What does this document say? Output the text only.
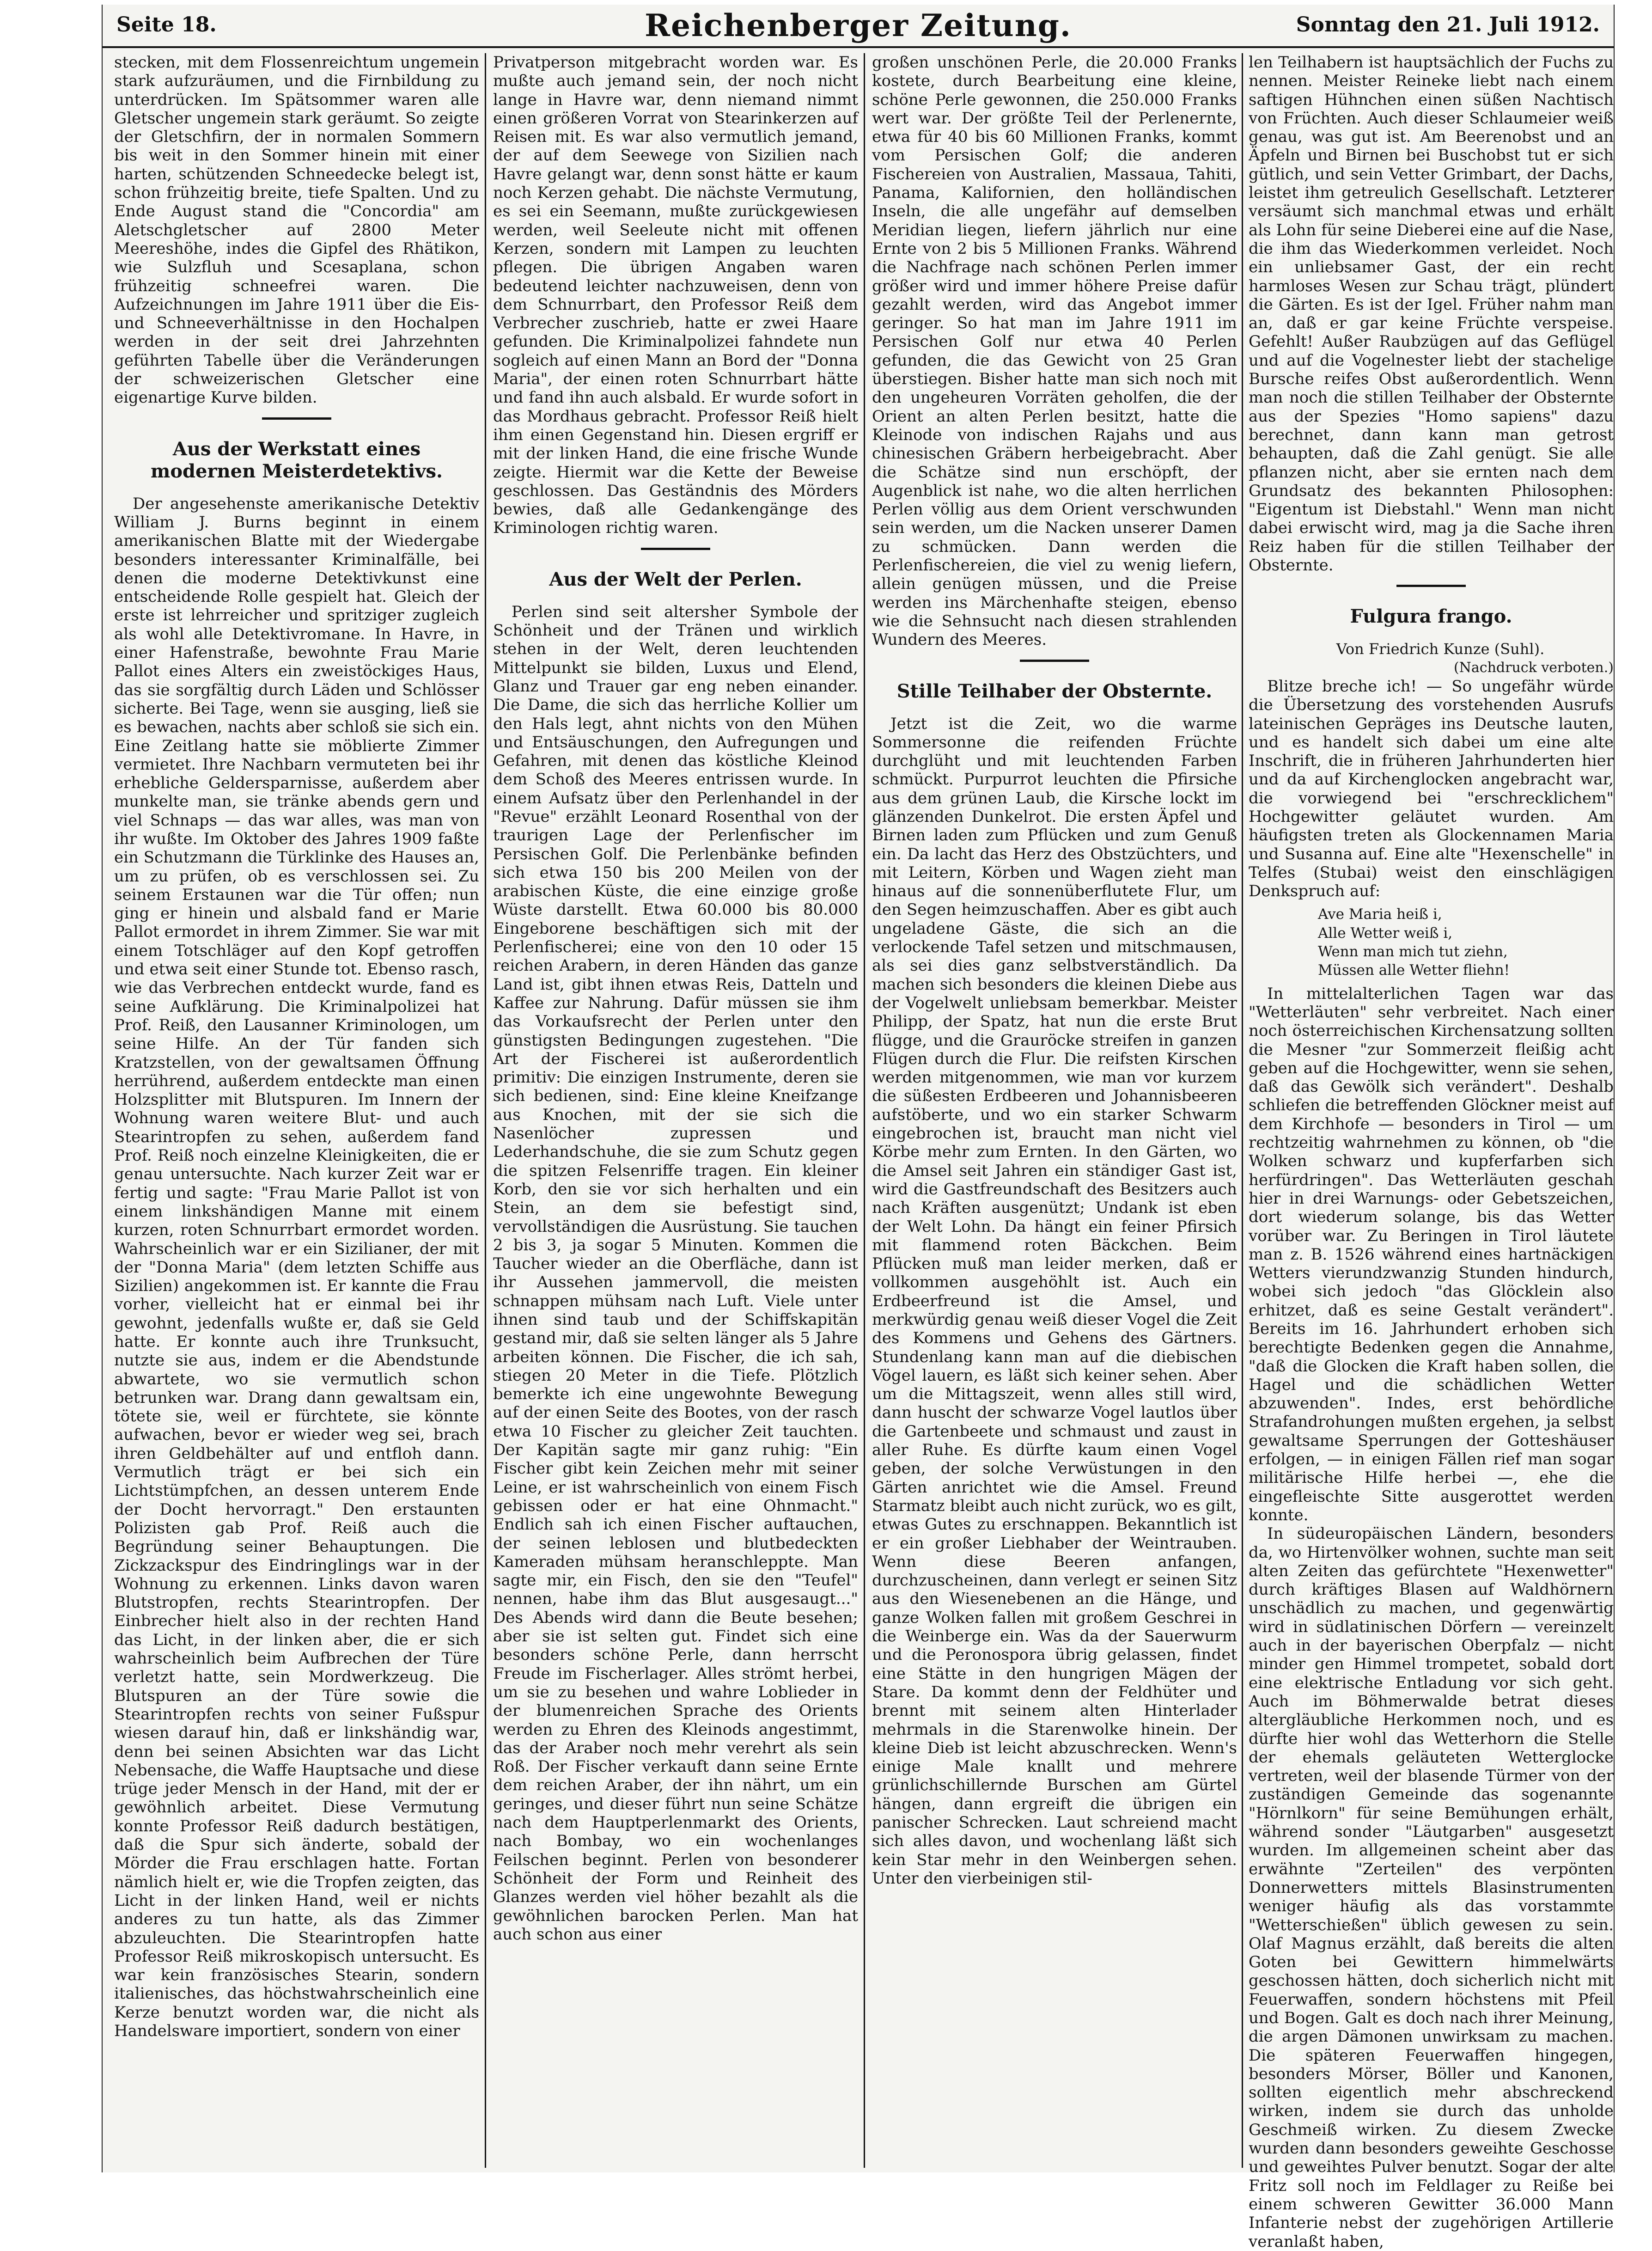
Seite 18.	Reichenberger Zeitung.	Sonntag den 21. Juli 1912.

stecken, mit dem Flossenreichtum ungemein stark aufzuräumen, und die Firnbildung zu unterdrücken. Im Spätsommer waren alle Gletscher ungemein stark geräumt. So zeigte der Gletschfirn, der in normalen Sommern bis weit in den Sommer hinein mit einer harten, schützenden Schneedecke belegt ist, schon frühzeitig breite, tiefe Spalten. Und zu Ende August stand die "Concordia" am Aletschgletscher auf 2800 Meter Meereshöhe, indes die Gipfel des Rhätikon, wie Sulzfluh und Scesaplana, schon frühzeitig schneefrei waren. Die Aufzeichnungen im Jahre 1911 über die Eis- und Schneeverhältnisse in den Hochalpen werden in der seit drei Jahrzehnten geführten Tabelle über die Veränderungen der schweizerischen Gletscher eine eigenartige Kurve bilden.

Aus der Werkstatt eines
modernen Meisterdetektivs.

Der angesehenste amerikanische Detektiv William J. Burns beginnt in einem amerikanischen Blatte mit der Wiedergabe besonders interessanter Kriminalfälle, bei denen die moderne Detektivkunst eine entscheidende Rolle gespielt hat. Gleich der erste ist lehrreicher und spritziger zugleich als wohl alle Detektivromane. In Havre, in einer Hafenstraße, bewohnte Frau Marie Pallot eines Alters ein zweistöckiges Haus, das sie sorgfältig durch Läden und Schlösser sicherte. Bei Tage, wenn sie ausging, ließ sie es bewachen, nachts aber schloß sie sich ein. Eine Zeitlang hatte sie möblierte Zimmer vermietet. Ihre Nachbarn vermuteten bei ihr erhebliche Geldersparnisse, außerdem aber munkelte man, sie tränke abends gern und viel Schnaps — das war alles, was man von ihr wußte. Im Oktober des Jahres 1909 faßte ein Schutzmann die Türklinke des Hauses an, um zu prüfen, ob es verschlossen sei. Zu seinem Erstaunen war die Tür offen; nun ging er hinein und alsbald fand er Marie Pallot ermordet in ihrem Zimmer. Sie war mit einem Totschläger auf den Kopf getroffen und etwa seit einer Stunde tot. Ebenso rasch, wie das Verbrechen entdeckt wurde, fand es seine Aufklärung. Die Kriminalpolizei hat Prof. Reiß, den Lausanner Kriminologen, um seine Hilfe. An der Tür fanden sich Kratzstellen, von der gewaltsamen Öffnung herrührend, außerdem entdeckte man einen Holzsplitter mit Blutspuren. Im Innern der Wohnung waren weitere Blut- und auch Stearintropfen zu sehen, außerdem fand Prof. Reiß noch einzelne Kleinigkeiten, die er genau untersuchte. Nach kurzer Zeit war er fertig und sagte: "Frau Marie Pallot ist von einem linkshändigen Manne mit einem kurzen, roten Schnurrbart ermordet worden. Wahrscheinlich war er ein Sizilianer, der mit der "Donna Maria" (dem letzten Schiffe aus Sizilien) angekommen ist. Er kannte die Frau vorher, vielleicht hat er einmal bei ihr gewohnt, jedenfalls wußte er, daß sie Geld hatte. Er konnte auch ihre Trunksucht, nutzte sie aus, indem er die Abendstunde abwartete, wo sie vermutlich schon betrunken war. Drang dann gewaltsam ein, tötete sie, weil er fürchtete, sie könnte aufwachen, bevor er wieder weg sei, brach ihren Geldbehälter auf und entfloh dann. Vermutlich trägt er bei sich ein Lichtstümpfchen, an dessen unterem Ende der Docht hervorragt." Den erstaunten Polizisten gab Prof. Reiß auch die Begründung seiner Behauptungen. Die Zickzackspur des Eindringlings war in der Wohnung zu erkennen. Links davon waren Blutstropfen, rechts Stearintropfen. Der Einbrecher hielt also in der rechten Hand das Licht, in der linken aber, die er sich wahrscheinlich beim Aufbrechen der Türe verletzt hatte, sein Mordwerkzeug. Die Blutspuren an der Türe sowie die Stearintropfen rechts von seiner Fußspur wiesen darauf hin, daß er linkshändig war, denn bei seinen Absichten war das Licht Nebensache, die Waffe Hauptsache und diese trüge jeder Mensch in der Hand, mit der er gewöhnlich arbeitet. Diese Vermutung konnte Professor Reiß dadurch bestätigen, daß die Spur sich änderte, sobald der Mörder die Frau erschlagen hatte. Fortan nämlich hielt er, wie die Tropfen zeigten, das Licht in der linken Hand, weil er nichts anderes zu tun hatte, als das Zimmer abzuleuchten. Die Stearintropfen hatte Professor Reiß mikroskopisch untersucht. Es war kein französisches Stearin, sondern italienisches, das höchstwahrscheinlich eine Kerze benutzt worden war, die nicht als Handelsware importiert, sondern von einer

Privatperson mitgebracht worden war. Es mußte auch jemand sein, der noch nicht lange in Havre war, denn niemand nimmt einen größeren Vorrat von Stearinkerzen auf Reisen mit. Es war also vermutlich jemand, der auf dem Seewege von Sizilien nach Havre gelangt war, denn sonst hätte er kaum noch Kerzen gehabt. Die nächste Vermutung, es sei ein Seemann, mußte zurückgewiesen werden, weil Seeleute nicht mit offenen Kerzen, sondern mit Lampen zu leuchten pflegen. Die übrigen Angaben waren bedeutend leichter nachzuweisen, denn von dem Schnurrbart, den Professor Reiß dem Verbrecher zuschrieb, hatte er zwei Haare gefunden. Die Kriminalpolizei fahndete nun sogleich auf einen Mann an Bord der "Donna Maria", der einen roten Schnurrbart hätte und fand ihn auch alsbald. Er wurde sofort in das Mordhaus gebracht. Professor Reiß hielt ihm einen Gegenstand hin. Diesen ergriff er mit der linken Hand, die eine frische Wunde zeigte. Hiermit war die Kette der Beweise geschlossen. Das Geständnis des Mörders bewies, daß alle Gedankengänge des Kriminologen richtig waren.

Aus der Welt der Perlen.

Perlen sind seit altersher Symbole der Schönheit und der Tränen und wirklich stehen in der Welt, deren leuchtenden Mittelpunkt sie bilden, Luxus und Elend, Glanz und Trauer gar eng neben einander. Die Dame, die sich das herrliche Kollier um den Hals legt, ahnt nichts von den Mühen und Entsäuschungen, den Aufregungen und Gefahren, mit denen das köstliche Kleinod dem Schoß des Meeres entrissen wurde. In einem Aufsatz über den Perlenhandel in der "Revue" erzählt Leonard Rosenthal von der traurigen Lage der Perlenfischer im Persischen Golf. Die Perlenbänke befinden sich etwa 150 bis 200 Meilen von der arabischen Küste, die eine einzige große Wüste darstellt. Etwa 60.000 bis 80.000 Eingeborene beschäftigen sich mit der Perlenfischerei; eine von den 10 oder 15 reichen Arabern, in deren Händen das ganze Land ist, gibt ihnen etwas Reis, Datteln und Kaffee zur Nahrung. Dafür müssen sie ihm das Vorkaufsrecht der Perlen unter den günstigsten Bedingungen zugestehen. "Die Art der Fischerei ist außerordentlich primitiv: Die einzigen Instrumente, deren sie sich bedienen, sind: Eine kleine Kneifzange aus Knochen, mit der sie sich die Nasenlöcher zupressen und Lederhandschuhe, die sie zum Schutz gegen die spitzen Felsenriffe tragen. Ein kleiner Korb, den sie vor sich herhalten und ein Stein, an dem sie befestigt sind, vervollständigen die Ausrüstung. Sie tauchen 2 bis 3, ja sogar 5 Minuten. Kommen die Taucher wieder an die Oberfläche, dann ist ihr Aussehen jammervoll, die meisten schnappen mühsam nach Luft. Viele unter ihnen sind taub und der Schiffskapitän gestand mir, daß sie selten länger als 5 Jahre arbeiten können. Die Fischer, die ich sah, stiegen 20 Meter in die Tiefe. Plötzlich bemerkte ich eine ungewohnte Bewegung auf der einen Seite des Bootes, von der rasch etwa 10 Fischer zu gleicher Zeit tauchten. Der Kapitän sagte mir ganz ruhig: "Ein Fischer gibt kein Zeichen mehr mit seiner Leine, er ist wahrscheinlich von einem Fisch gebissen oder er hat eine Ohnmacht." Endlich sah ich einen Fischer auftauchen, der seinen leblosen und blutbedeckten Kameraden mühsam heranschleppte. Man sagte mir, ein Fisch, den sie den "Teufel" nennen, habe ihm das Blut ausgesaugt..." Des Abends wird dann die Beute besehen; aber sie ist selten gut. Findet sich eine besonders schöne Perle, dann herrscht Freude im Fischerlager. Alles strömt herbei, um sie zu besehen und wahre Loblieder in der blumenreichen Sprache des Orients werden zu Ehren des Kleinods angestimmt, das der Araber noch mehr verehrt als sein Roß. Der Fischer verkauft dann seine Ernte dem reichen Araber, der ihn nährt, um ein geringes, und dieser führt nun seine Schätze nach dem Hauptperlenmarkt des Orients, nach Bombay, wo ein wochenlanges Feilschen beginnt. Perlen von besonderer Schönheit der Form und Reinheit des Glanzes werden viel höher bezahlt als die gewöhnlichen barocken Perlen. Man hat auch schon aus einer

großen unschönen Perle, die 20.000 Franks kostete, durch Bearbeitung eine kleine, schöne Perle gewonnen, die 250.000 Franks wert war. Der größte Teil der Perlenernte, etwa für 40 bis 60 Millionen Franks, kommt vom Persischen Golf; die anderen Fischereien von Australien, Massaua, Tahiti, Panama, Kalifornien, den holländischen Inseln, die alle ungefähr auf demselben Meridian liegen, liefern jährlich nur eine Ernte von 2 bis 5 Millionen Franks. Während die Nachfrage nach schönen Perlen immer größer wird und immer höhere Preise dafür gezahlt werden, wird das Angebot immer geringer. So hat man im Jahre 1911 im Persischen Golf nur etwa 40 Perlen gefunden, die das Gewicht von 25 Gran überstiegen. Bisher hatte man sich noch mit den ungeheuren Vorräten geholfen, die der Orient an alten Perlen besitzt, hatte die Kleinode von indischen Rajahs und aus chinesischen Gräbern herbeigebracht. Aber die Schätze sind nun erschöpft, der Augenblick ist nahe, wo die alten herrlichen Perlen völlig aus dem Orient verschwunden sein werden, um die Nacken unserer Damen zu schmücken. Dann werden die Perlenfischereien, die viel zu wenig liefern, allein genügen müssen, und die Preise werden ins Märchenhafte steigen, ebenso wie die Sehnsucht nach diesen strahlenden Wundern des Meeres.

Stille Teilhaber der Obsternte.

Jetzt ist die Zeit, wo die warme Sommersonne die reifenden Früchte durchglüht und mit leuchtenden Farben schmückt. Purpurrot leuchten die Pfirsiche aus dem grünen Laub, die Kirsche lockt im glänzenden Dunkelrot. Die ersten Äpfel und Birnen laden zum Pflücken und zum Genuß ein. Da lacht das Herz des Obstzüchters, und mit Leitern, Körben und Wagen zieht man hinaus auf die sonnenüberflutete Flur, um den Segen heimzuschaffen. Aber es gibt auch ungeladene Gäste, die sich an die verlockende Tafel setzen und mitschmausen, als sei dies ganz selbstverständlich. Da machen sich besonders die kleinen Diebe aus der Vogelwelt unliebsam bemerkbar. Meister Philipp, der Spatz, hat nun die erste Brut flügge, und die Grauröcke streifen in ganzen Flügen durch die Flur. Die reifsten Kirschen werden mitgenommen, wie man vor kurzem die süßesten Erdbeeren und Johannisbeeren aufstöberte, und wo ein starker Schwarm eingebrochen ist, braucht man nicht viel Körbe mehr zum Ernten. In den Gärten, wo die Amsel seit Jahren ein ständiger Gast ist, wird die Gastfreundschaft des Besitzers auch nach Kräften ausgenützt; Undank ist eben der Welt Lohn. Da hängt ein feiner Pfirsich mit flammend roten Bäckchen. Beim Pflücken muß man leider merken, daß er vollkommen ausgehöhlt ist. Auch ein Erdbeerfreund ist die Amsel, und merkwürdig genau weiß dieser Vogel die Zeit des Kommens und Gehens des Gärtners. Stundenlang kann man auf die diebischen Vögel lauern, es läßt sich keiner sehen. Aber um die Mittagszeit, wenn alles still wird, dann huscht der schwarze Vogel lautlos über die Gartenbeete und schmaust und zaust in aller Ruhe. Es dürfte kaum einen Vogel geben, der solche Verwüstungen in den Gärten anrichtet wie die Amsel. Freund Starmatz bleibt auch nicht zurück, wo es gilt, etwas Gutes zu erschnappen. Bekanntlich ist er ein großer Liebhaber der Weintrauben. Wenn diese Beeren anfangen, durchzuscheinen, dann verlegt er seinen Sitz aus den Wiesenebenen an die Hänge, und ganze Wolken fallen mit großem Geschrei in die Weinberge ein. Was da der Sauerwurm und die Peronospora übrig gelassen, findet eine Stätte in den hungrigen Mägen der Stare. Da kommt denn der Feldhüter und brennt mit seinem alten Hinterlader mehrmals in die Starenwolke hinein. Der kleine Dieb ist leicht abzuschrecken. Wenn's einige Male knallt und mehrere grünlichschillernde Burschen am Gürtel hängen, dann ergreift die übrigen ein panischer Schrecken. Laut schreiend macht sich alles davon, und wochenlang läßt sich kein Star mehr in den Weinbergen sehen. Unter den vierbeinigen stil-

len Teilhabern ist hauptsächlich der Fuchs zu nennen. Meister Reineke liebt nach einem saftigen Hühnchen einen süßen Nachtisch von Früchten. Auch dieser Schlaumeier weiß genau, was gut ist. Am Beerenobst und an Äpfeln und Birnen bei Buschobst tut er sich gütlich, und sein Vetter Grimbart, der Dachs, leistet ihm getreulich Gesellschaft. Letzterer versäumt sich manchmal etwas und erhält als Lohn für seine Dieberei eine auf die Nase, die ihm das Wiederkommen verleidet. Noch ein unliebsamer Gast, der ein recht harmloses Wesen zur Schau trägt, plündert die Gärten. Es ist der Igel. Früher nahm man an, daß er gar keine Früchte verspeise. Gefehlt! Außer Raubzügen auf das Geflügel und auf die Vogelnester liebt der stachelige Bursche reifes Obst außerordentlich. Wenn man noch die stillen Teilhaber der Obsternte aus der Spezies "Homo sapiens" dazu berechnet, dann kann man getrost behaupten, daß die Zahl genügt. Sie alle pflanzen nicht, aber sie ernten nach dem Grundsatz des bekannten Philosophen: "Eigentum ist Diebstahl." Wenn man nicht dabei erwischt wird, mag ja die Sache ihren Reiz haben für die stillen Teilhaber der Obsternte.

Fulgura frango.

Von Friedrich Kunze (Suhl).

(Nachdruck verboten.)

Blitze breche ich! — So ungefähr würde die Übersetzung des vorstehenden Ausrufs lateinischen Gepräges ins Deutsche lauten, und es handelt sich dabei um eine alte Inschrift, die in früheren Jahrhunderten hier und da auf Kirchenglocken angebracht war, die vorwiegend bei "erschrecklichem" Hochgewitter geläutet wurden. Am häufigsten treten als Glockennamen Maria und Susanna auf. Eine alte "Hexenschelle" in Telfes (Stubai) weist den einschlägigen Denkspruch auf:

Ave Maria heiß i,
Alle Wetter weiß i,
Wenn man mich tut ziehn,
Müssen alle Wetter fliehn!

In mittelalterlichen Tagen war das "Wetterläuten" sehr verbreitet. Nach einer noch österreichischen Kirchensatzung sollten die Mesner "zur Sommerzeit fleißig acht geben auf die Hochgewitter, wenn sie sehen, daß das Gewölk sich verändert". Deshalb schliefen die betreffenden Glöckner meist auf dem Kirchhofe — besonders in Tirol — um rechtzeitig wahrnehmen zu können, ob "die Wolken schwarz und kupferfarben sich herfürdringen". Das Wetterläuten geschah hier in drei Warnungs- oder Gebetszeichen, dort wiederum solange, bis das Wetter vorüber war. Zu Beringen in Tirol läutete man z. B. 1526 während eines hartnäckigen Wetters vierundzwanzig Stunden hindurch, wobei sich jedoch "das Glöcklein also erhitzet, daß es seine Gestalt verändert". Bereits im 16. Jahrhundert erhoben sich berechtigte Bedenken gegen die Annahme, "daß die Glocken die Kraft haben sollen, die Hagel und die schädlichen Wetter abzuwenden". Indes, erst behördliche Strafandrohungen mußten ergehen, ja selbst gewaltsame Sperrungen der Gotteshäuser erfolgen, — in einigen Fällen rief man sogar militärische Hilfe herbei —, ehe die eingefleischte Sitte ausgerottet werden konnte.

In südeuropäischen Ländern, besonders da, wo Hirtenvölker wohnen, suchte man seit alten Zeiten das gefürchtete "Hexenwetter" durch kräftiges Blasen auf Waldhörnern unschädlich zu machen, und gegenwärtig wird in südlatinischen Dörfern — vereinzelt auch in der bayerischen Oberpfalz — nicht minder gen Himmel trompetet, sobald dort eine elektrische Entladung vor sich geht. Auch im Böhmerwalde betrat dieses altergläubliche Herkommen noch, und es dürfte hier wohl das Wetterhorn die Stelle der ehemals geläuteten Wetterglocke vertreten, weil der blasende Türmer von der zuständigen Gemeinde das sogenannte "Hörnlkorn" für seine Bemühungen erhält, während sonder "Läutgarben" ausgesetzt wurden. Im allgemeinen scheint aber das erwähnte "Zerteilen" des verpönten Donnerwetters mittels Blasinstrumenten weniger häufig als das vorstammte "Wetterschießen" üblich gewesen zu sein. Olaf Magnus erzählt, daß bereits die alten Goten bei Gewittern himmelwärts geschossen hätten, doch sicherlich nicht mit Feuerwaffen, sondern höchstens mit Pfeil und Bogen. Galt es doch nach ihrer Meinung, die argen Dämonen unwirksam zu machen. Die späteren Feuerwaffen hingegen, besonders Mörser, Böller und Kanonen, sollten eigentlich mehr abschreckend wirken, indem sie durch das unholde Geschmeiß wirken. Zu diesem Zwecke wurden dann besonders geweihte Geschosse und geweihtes Pulver benutzt. Sogar der alte Fritz soll noch im Feldlager zu Reiße bei einem schweren Gewitter 36.000 Mann Infanterie nebst der zugehörigen Artillerie veranlaßt haben,
